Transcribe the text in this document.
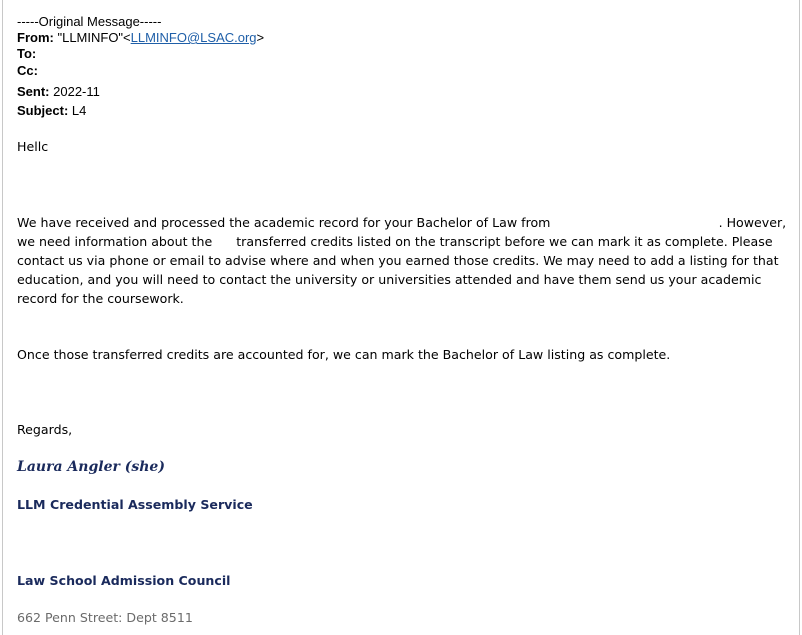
-----Original Message-----
From: "LLMINFO"<LLMINFO@LSAC.org>
To:
Cc:
Sent: 2022-11
Subject: L4
Hellc
We have received and processed the academic record for your Bachelor of Law from                                          . However, we need information about the      transferred credits listed on the transcript before we can mark it as complete. Please contact us via phone or email to advise where and when you earned those credits. We may need to add a listing for that education, and you will need to contact the university or universities attended and have them send us your academic record for the coursework.
Once those transferred credits are accounted for, we can mark the Bachelor of Law listing as complete.
Regards,
Laura Angler (she)
LLM Credential Assembly Service
Law School Admission Council
662 Penn Street: Dept 8511
